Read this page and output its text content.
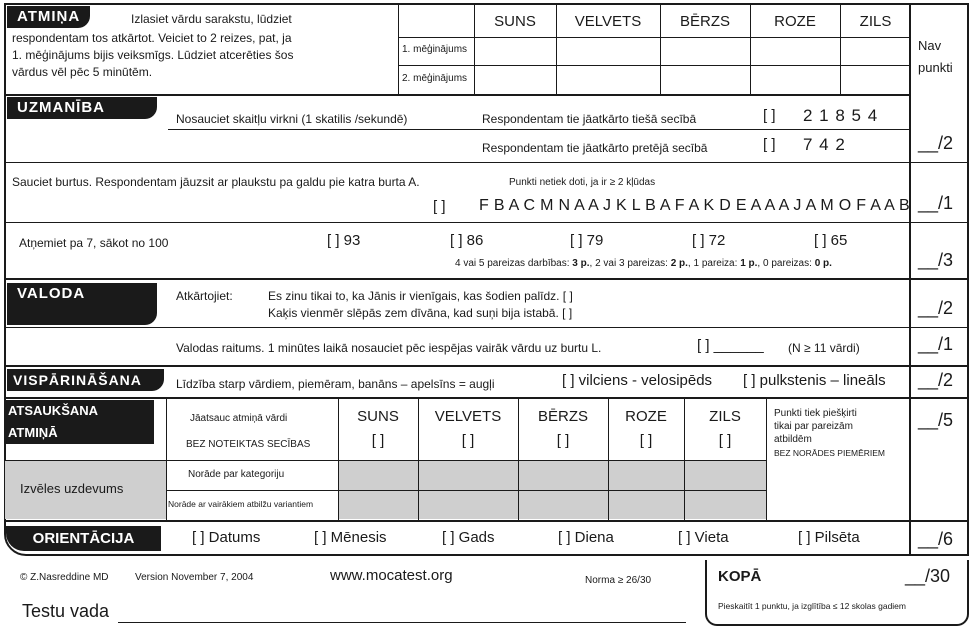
ATMIŅA	Izlasiet vārdu sarakstu, lūdziet
respondentam tos atkārtot. Veiciet to 2 reizes, pat, ja
1. mēģinājums bijis veiksmīgs. Lūdziet atcerēties šos
vārdus vēl pēc 5 minūtēm.
1. mēģinājums
2. mēģinājums
SUNS	VELVETS	BĒRZS	ROZE	ZILS
Nav
punkti
UZMANĪBA
Nosauciet skaitļu virkni (1 skatilis /sekundē)	Respondentam tie jāatkārto tiešā secībā	[ ] 2 1 8 5 4
Respondentam tie jāatkārto pretējā secībā	[ ] 7 4 2	__/2
Sauciet burtus. Respondentam jāuzsit ar plaukstu pa galdu pie katra burta A.	Punkti netiek doti, ja ir ≥ 2 kļūdas
[ ] F B A C M N A A J K L B A F A K D E A A A J A M O F A A B __/1
Atņemiet pa 7, sākot no 100	[ ] 93	[ ] 86	[ ] 79	[ ] 72	[ ] 65
4 vai 5 pareizas darbības: 3 p., 2 vai 3 pareizas: 2 p., 1 pareiza: 1 p., 0 pareizas: 0 p.	__/3
VALODA	Atkārtojiet:	Es zinu tikai to, ka Jānis ir vienīgais, kas šodien palīdz. [ ]
Kaķis vienmēr slēpās zem dīvāna, kad suņi bija istabā. [ ]	__/2
Valodas raitums. 1 minūtes laikā nosauciet pēc iespējas vairāk vārdu uz burtu L.	[ ] ______ (N ≥ 11 vārdi)	__/1
VISPĀRINĀŠANA	Līdzība starp vārdiem, piemēram, banāns – apelsīns = augļi	[ ] vilciens - velosipēds [ ] pulkstenis – lineāls __/2
ATSAUKŠANA ATMIŅĀ
Jāatsauc atmiņā vārdi
BEZ NOTEIKTAS SECĪBAS
SUNS	VELVETS	BĒRZS	ROZE	ZILS
[ ]	[ ]	[ ]	[ ]	[ ]
Punkti tiek piešķirti
tikai par pareizām
atbildēm
BEZ NORĀDES PIEMĒRIEM
__/5
Izvēles uzdevums
Norāde par kategoriju
Norāde ar vairākiem atbilžu variantiem
ORIENTĀCIJA	[ ] Datums	[ ] Mēnesis	[ ] Gads	[ ] Diena	[ ] Vieta	[ ] Pilsēta	__/6
© Z.Nasreddine MD	Version November 7, 2004	www.mocatest.org	Norma ≥ 26/30	KOPĀ	__/30
Pieskaitīt 1 punktu, ja izglītība ≤ 12 skolas gadiem
Testu vada
